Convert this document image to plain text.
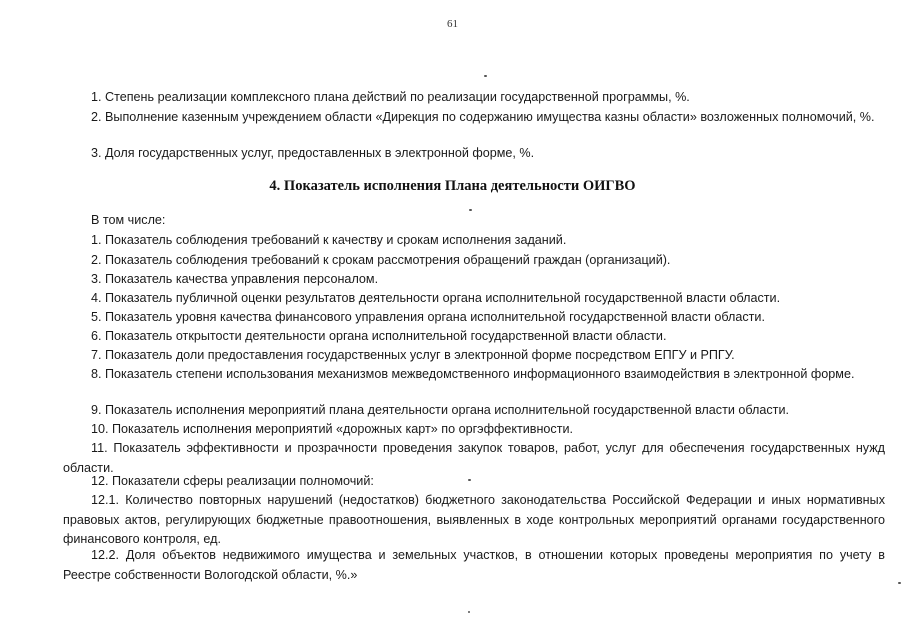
61

1. Степень реализации комплексного плана действий по реализации государственной программы, %.

2. Выполнение казенным учреждением области «Дирекция по содержанию имущества казны области» возложенных полномочий, %.

3. Доля государственных услуг, предоставленных в электронной форме, %.

4. Показатель исполнения Плана деятельности ОИГВО

В том числе:

1. Показатель соблюдения требований к качеству и срокам исполнения заданий.

2. Показатель соблюдения требований к срокам рассмотрения обращений граждан (организаций).

3. Показатель качества управления персоналом.

4. Показатель публичной оценки результатов деятельности органа исполнительной государственной власти области.

5. Показатель уровня качества финансового управления органа исполнительной государственной власти области.

6. Показатель открытости деятельности органа исполнительной государственной власти области.

7. Показатель доли предоставления государственных услуг в электронной форме посредством ЕПГУ и РПГУ.

8. Показатель степени использования механизмов межведомственного информационного взаимодействия в электронной форме.

9. Показатель исполнения мероприятий плана деятельности органа исполнительной государственной власти области.

10. Показатель исполнения мероприятий «дорожных карт» по оргэффективности.

11. Показатель эффективности и прозрачности проведения закупок товаров, работ, услуг для обеспечения государственных нужд области.

12. Показатели сферы реализации полномочий:

12.1. Количество повторных нарушений (недостатков) бюджетного законодательства Российской Федерации и иных нормативных правовых актов, регулирующих бюджетные правоотношения, выявленных в ходе контрольных мероприятий органами государственного финансового контроля, ед.

12.2. Доля объектов недвижимого имущества и земельных участков, в отношении которых проведены мероприятия по учету в Реестре собственности Вологодской области, %.»
